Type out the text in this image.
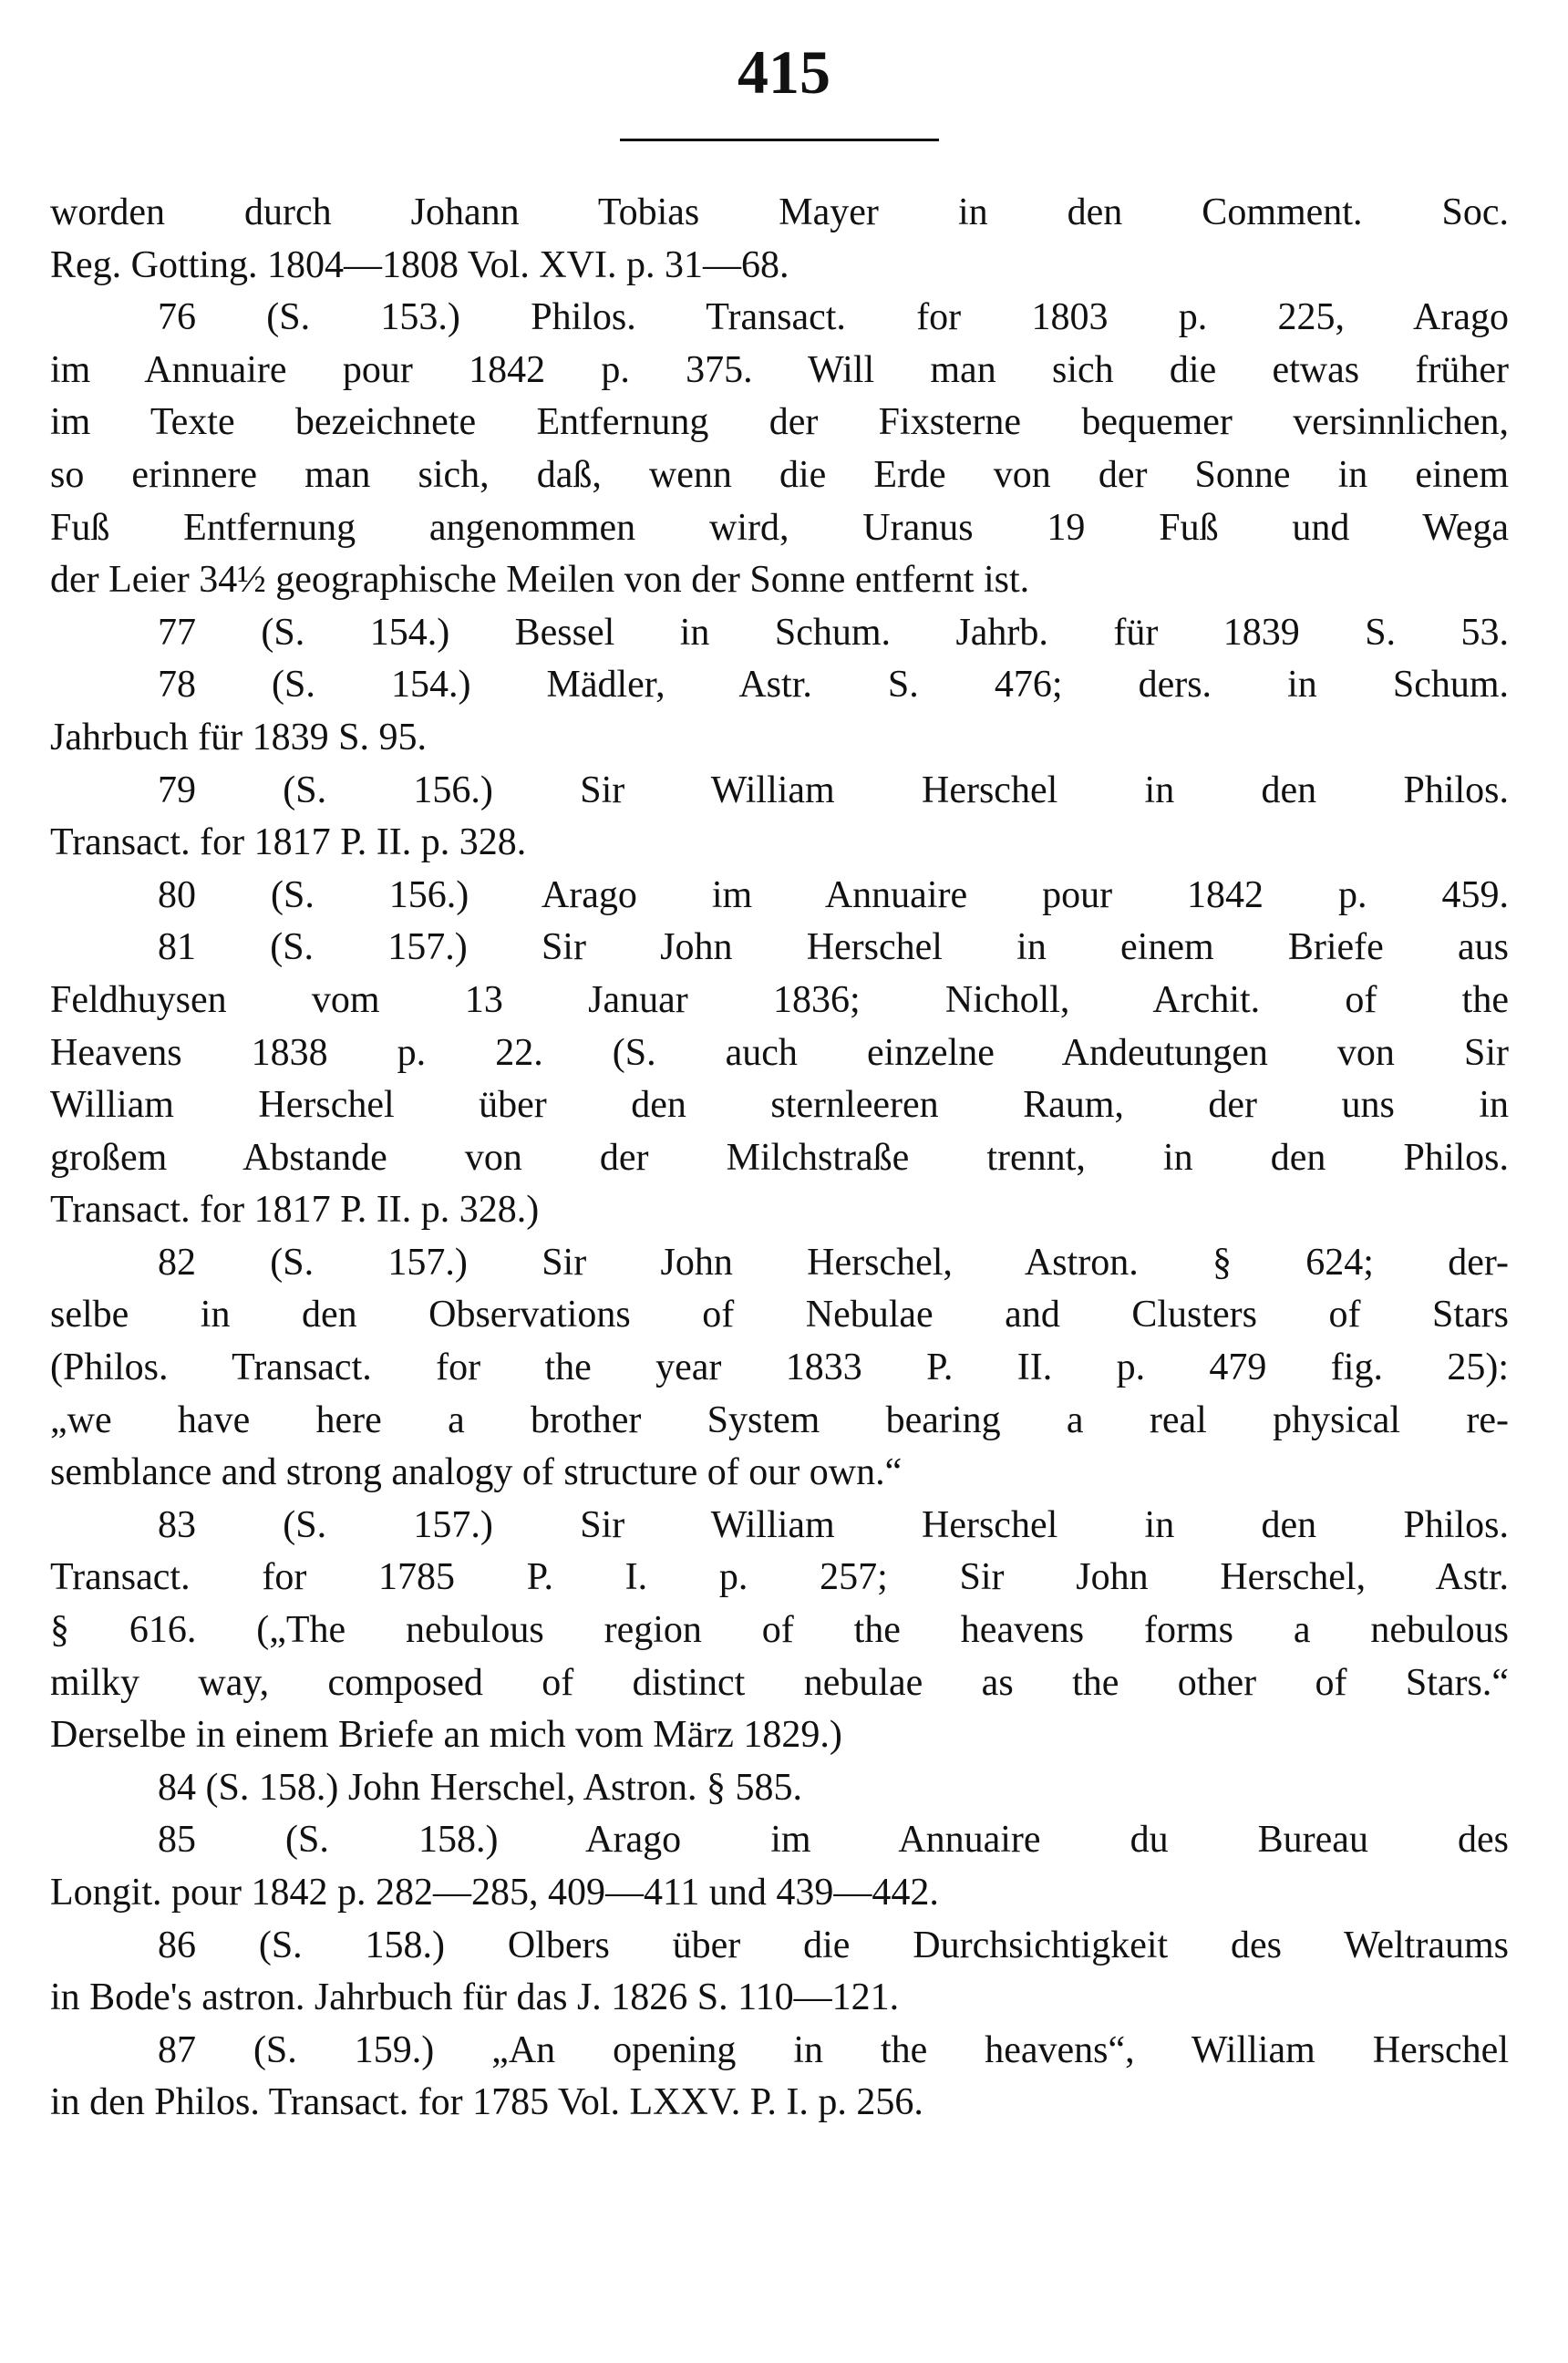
415
worden durch Johann Tobias Mayer in den Comment. Soc.
Reg. Gotting. 1804—1808 Vol. XVI. p. 31—68.
76 (S. 153.) Philos. Transact. for 1803 p. 225, Arago
im Annuaire pour 1842 p. 375. Will man sich die etwas früher
im Texte bezeichnete Entfernung der Fixsterne bequemer versinnlichen,
so erinnere man sich, daß, wenn die Erde von der Sonne in einem
Fuß Entfernung angenommen wird, Uranus 19 Fuß und Wega
der Leier 34½ geographische Meilen von der Sonne entfernt ist.
77 (S. 154.) Bessel in Schum. Jahrb. für 1839 S. 53.
78 (S. 154.) Mädler, Astr. S. 476; ders. in Schum.
Jahrbuch für 1839 S. 95.
79 (S. 156.) Sir William Herschel in den Philos.
Transact. for 1817 P. II. p. 328.
80 (S. 156.) Arago im Annuaire pour 1842 p. 459.
81 (S. 157.) Sir John Herschel in einem Briefe aus
Feldhuysen vom 13 Januar 1836; Nicholl, Archit. of the
Heavens 1838 p. 22. (S. auch einzelne Andeutungen von Sir
William Herschel über den sternleeren Raum, der uns in
großem Abstande von der Milchstraße trennt, in den Philos.
Transact. for 1817 P. II. p. 328.)
82 (S. 157.) Sir John Herschel, Astron. § 624; der-
selbe in den Observations of Nebulae and Clusters of Stars
(Philos. Transact. for the year 1833 P. II. p. 479 fig. 25):
„we have here a brother System bearing a real physical re-
semblance and strong analogy of structure of our own.“
83 (S. 157.) Sir William Herschel in den Philos.
Transact. for 1785 P. I. p. 257; Sir John Herschel, Astr.
§ 616. („The nebulous region of the heavens forms a nebulous
milky way, composed of distinct nebulae as the other of Stars.“
Derselbe in einem Briefe an mich vom März 1829.)
84 (S. 158.) John Herschel, Astron. § 585.
85 (S. 158.) Arago im Annuaire du Bureau des
Longit. pour 1842 p. 282—285, 409—411 und 439—442.
86 (S. 158.) Olbers über die Durchsichtigkeit des Weltraums
in Bode's astron. Jahrbuch für das J. 1826 S. 110—121.
87 (S. 159.) „An opening in the heavens“, William Herschel
in den Philos. Transact. for 1785 Vol. LXXV. P. I. p. 256.
